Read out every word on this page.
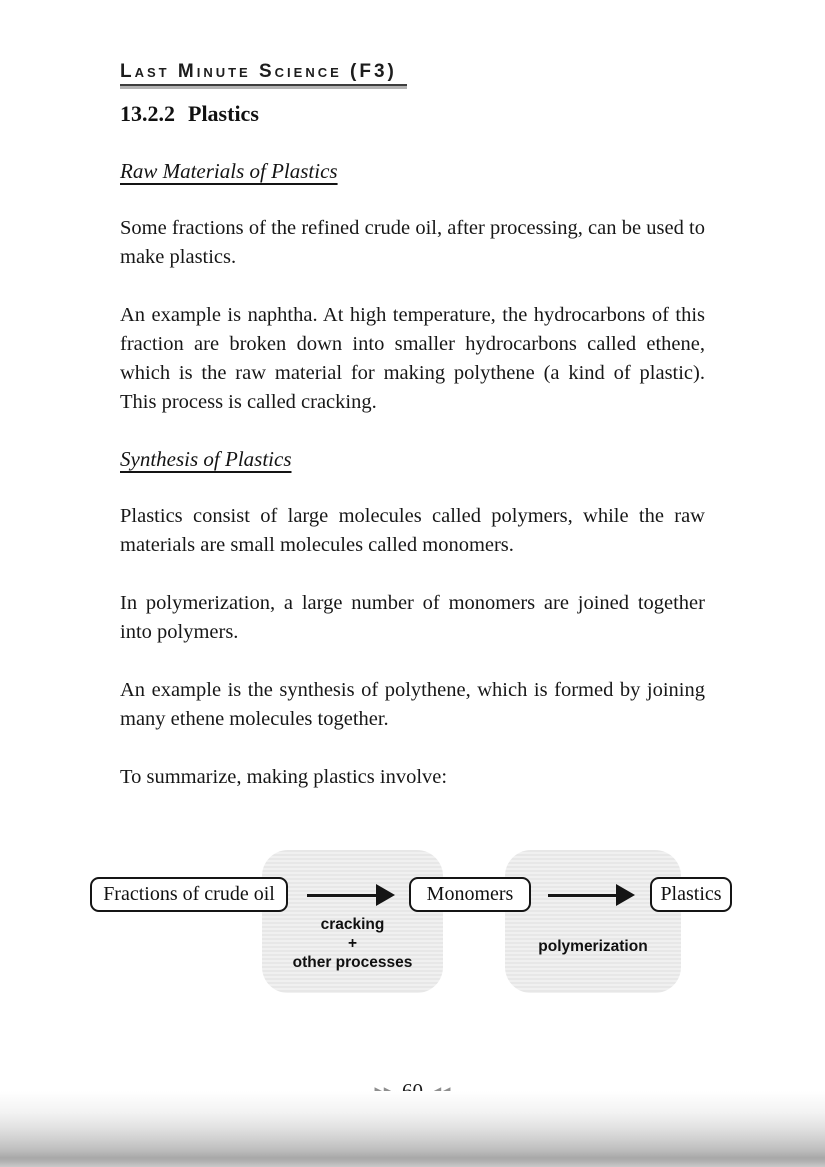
Last Minute Science (F3)
13.2.2 Plastics
Raw Materials of Plastics

Some fractions of the refined crude oil, after processing, can be used to make plastics.

An example is naphtha. At high temperature, the hydrocarbons of this fraction are broken down into smaller hydrocarbons called ethene, which is the raw material for making polythene (a kind of plastic). This process is called cracking.

Synthesis of Plastics

Plastics consist of large molecules called polymers, while the raw materials are small molecules called monomers.

In polymerization, a large number of monomers are joined together into polymers.

An example is the synthesis of polythene, which is formed by joining many ethene molecules together.

To summarize, making plastics involve:

Fractions of crude oil	Monomers	Plastics
cracking
+
other processes
polymerization
